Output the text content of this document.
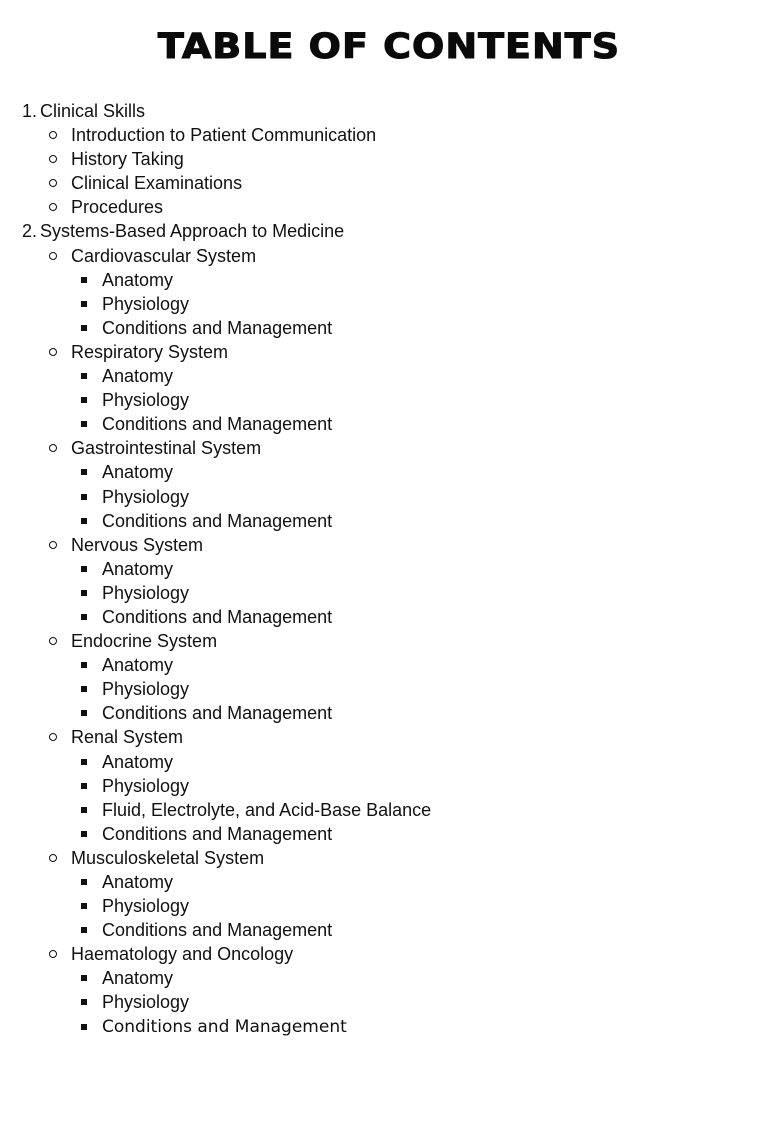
TABLE OF CONTENTS
1. Clinical Skills
Introduction to Patient Communication
History Taking
Clinical Examinations
Procedures
2. Systems-Based Approach to Medicine
Cardiovascular System
Anatomy
Physiology
Conditions and Management
Respiratory System
Anatomy
Physiology
Conditions and Management
Gastrointestinal System
Anatomy
Physiology
Conditions and Management
Nervous System
Anatomy
Physiology
Conditions and Management
Endocrine System
Anatomy
Physiology
Conditions and Management
Renal System
Anatomy
Physiology
Fluid, Electrolyte, and Acid-Base Balance
Conditions and Management
Musculoskeletal System
Anatomy
Physiology
Conditions and Management
Haematology and Oncology
Anatomy
Physiology
Conditions and Management
